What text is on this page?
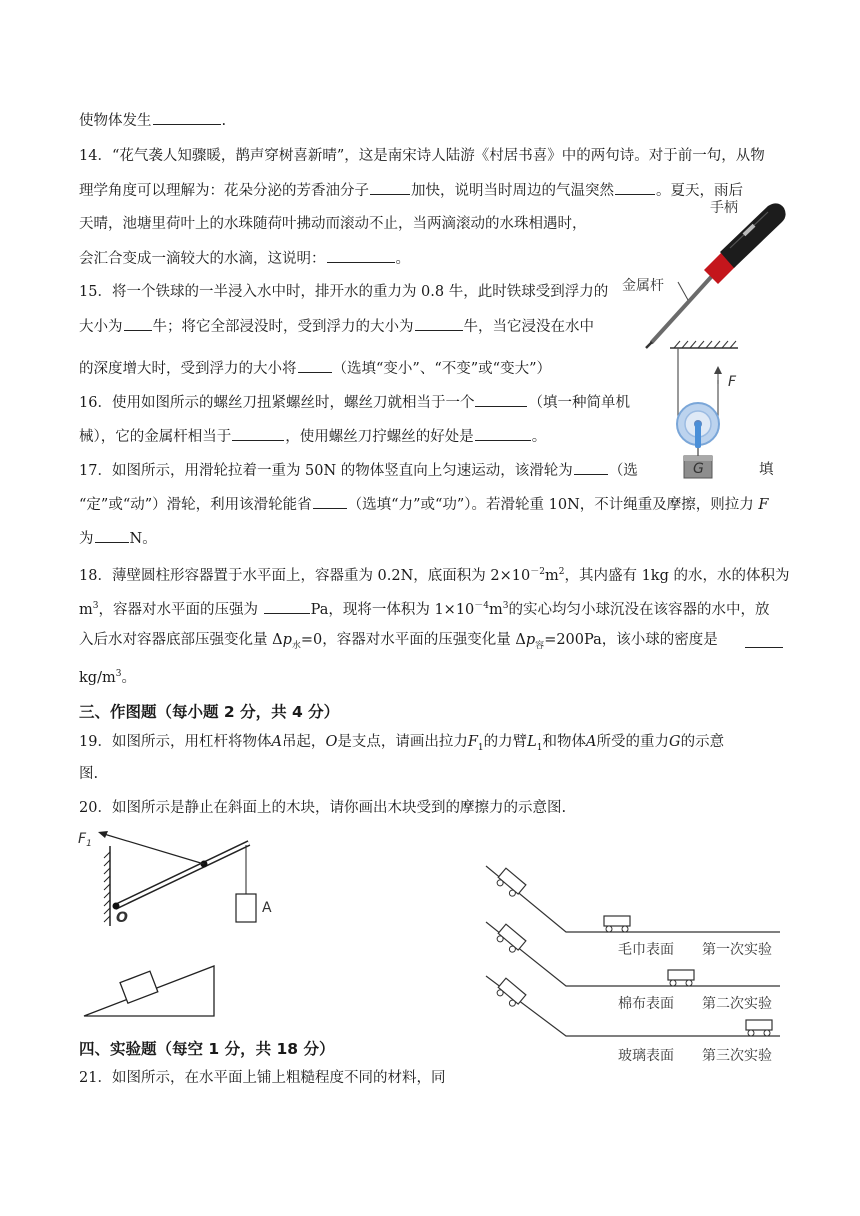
使物体发生	.
14．“花气袭人知骤暖，鹊声穿树喜新晴”，这是南宋诗人陆游《村居书喜》中的两句诗。对于前一句，从物
理学角度可以理解为：花朵分泌的芳香油分子	加快，说明当时周边的气温突然	。夏天，雨后
天晴，池塘里荷叶上的水珠随荷叶拂动而滚动不止，当两滴滚动的水珠相遇时，
会汇合变成一滴较大的水滴，这说明：	。
15．将一个铁球的一半浸入水中时，排开水的重力为 0.8 牛，此时铁球受到浮力的
大小为 牛；将它全部浸没时，受到浮力的大小为	牛，当它浸没在水中
的深度增大时，受到浮力的大小将 （选填“变小”、“不变”或“变大”）
16．使用如图所示的螺丝刀扭紧螺丝时，螺丝刀就相当于一个	（填一种简单机
械），它的金属杆相当于	，使用螺丝刀拧螺丝的好处是	。
17．如图所示，用滑轮拉着一重为 50N 的物体竖直向上匀速运动，该滑轮为 （选	填
“定”或“动”）滑轮，利用该滑轮能省 （选填“力”或“功”）。若滑轮重 10N，不计绳重及摩擦，则拉力 F
为 N。
18．薄壁圆柱形容器置于水平面上，容器重为 0.2N，底面积为 $2\times 10^{-2}m^2$，其内盛有 1kg 的水，水的体积为
$m^3$，容器对水平面的压强为	Pa，现将一体积为 $1\times 10^{-4}m^3$的实心均匀小球沉没在该容器的水中，放
入后水对容器底部压强变化量 $\Delta p_水=0$，容器对水平面的压强变化量 $\Delta p_容=200Pa$，该小球的密度是
$kg/m^3$。
三、作图题（每小题 2 分，共 4 分）
19．如图所示，用杠杆将物体A吊起，O是支点，请画出拉力$F_1$的力臂$L_1$和物体A所受的重力G的示意
图.
20．如图所示是静止在斜面上的木块，请你画出木块受到的摩擦力的示意图.
四、实验题（每空 1 分，共 18 分）
21．如图所示，在水平面上铺上粗糙程度不同的材料，同
手柄
金属杆
F
G
$F_1$
O
A
毛巾表面 第一次实验
棉布表面 第二次实验
玻璃表面 第三次实验
